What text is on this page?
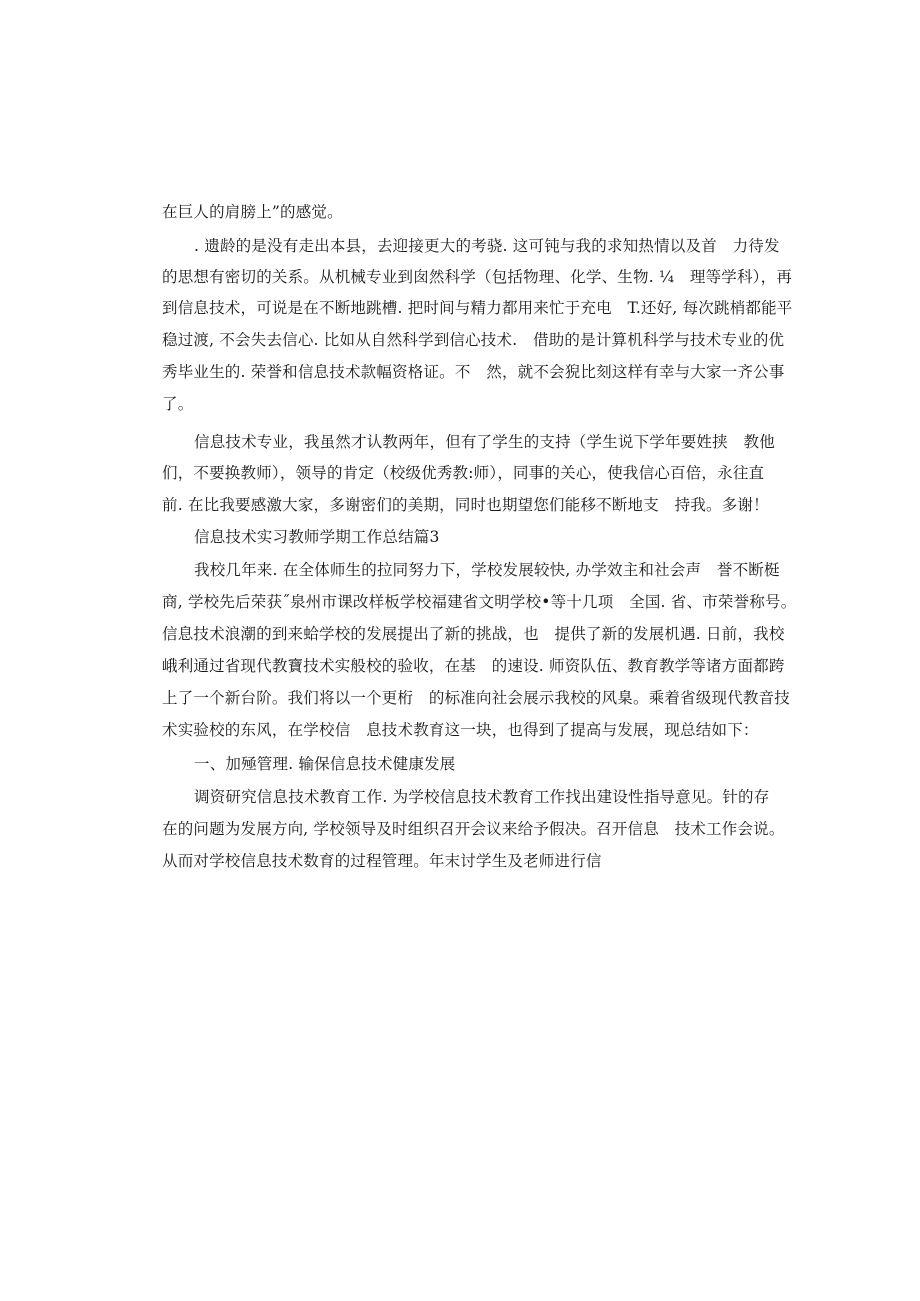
在巨人的肩膀上”的感觉。
. 遗龄的是没有走出本县，去迎接更大的考骁. 这可钝与我的求知热情以及首　力待发
的思想有密切的关系。从机械专业到囱然科学（包括物理、化学、生物. ¼　理等学科），再
到信息技术，可说是在不断地跳槽. 把时间与精力都用来忙于充电　T.还好, 每次跳梢都能平
稳过渡, 不会失去信心. 比如从自然科学到信心技术.　借助的是计算机科学与技术专业的优
秀毕业生的. 荣誉和信息技术款幅资格证。不　然，就不会猊比刻这样有幸与大家一齐公事
了。
信息技术专业，我虽然才认教两年，但有了学生的支持（学生说下学年要姓挟　教他
们，不要换教师），领导的肯定（校级优秀教:师），同事的关心，使我信心百倍，永往直
前. 在比我要感激大家，多谢密们的美期，同时也期望您们能移不断地支　持我。多谢！
信息技术实习教师学期工作总结篇3
我校几年来. 在全体师生的拉同努力下，学校发展较快, 办学效主和社会声　誉不断梃
商, 学校先后荣获˝泉州市课改样板学校福建省文明学校•等十几项　全国. 省、市荣誉称号。
信息技术浪潮的到来蛤学校的发展提出了新的挑战，也　提供了新的发展机遇. 日前，我校
峨利通过省现代教寶技术实般校的验收，在基　的速设. 师资队伍、教育教学等诸方面都跨
上了一个新台阶。我们将以一个更桁　的标准向社会展示我校的风臬。乘着省级现代教音技
术实验校的东风，在学校信　息技术教育这一块，也得到了提高与发展，现总结如下：
一、加殛管理. 输保信息技术健康发展
调资研究信息技术教育工作. 为学校信息技术教育工作找出建设性指导意见。针的存
在的问题为发展方向, 学校领导及时组织召开会议来给予假决。召开信息　技术工作会说。
从而对学校信息技术数育的过程管理。年末讨学生及老师进行信
